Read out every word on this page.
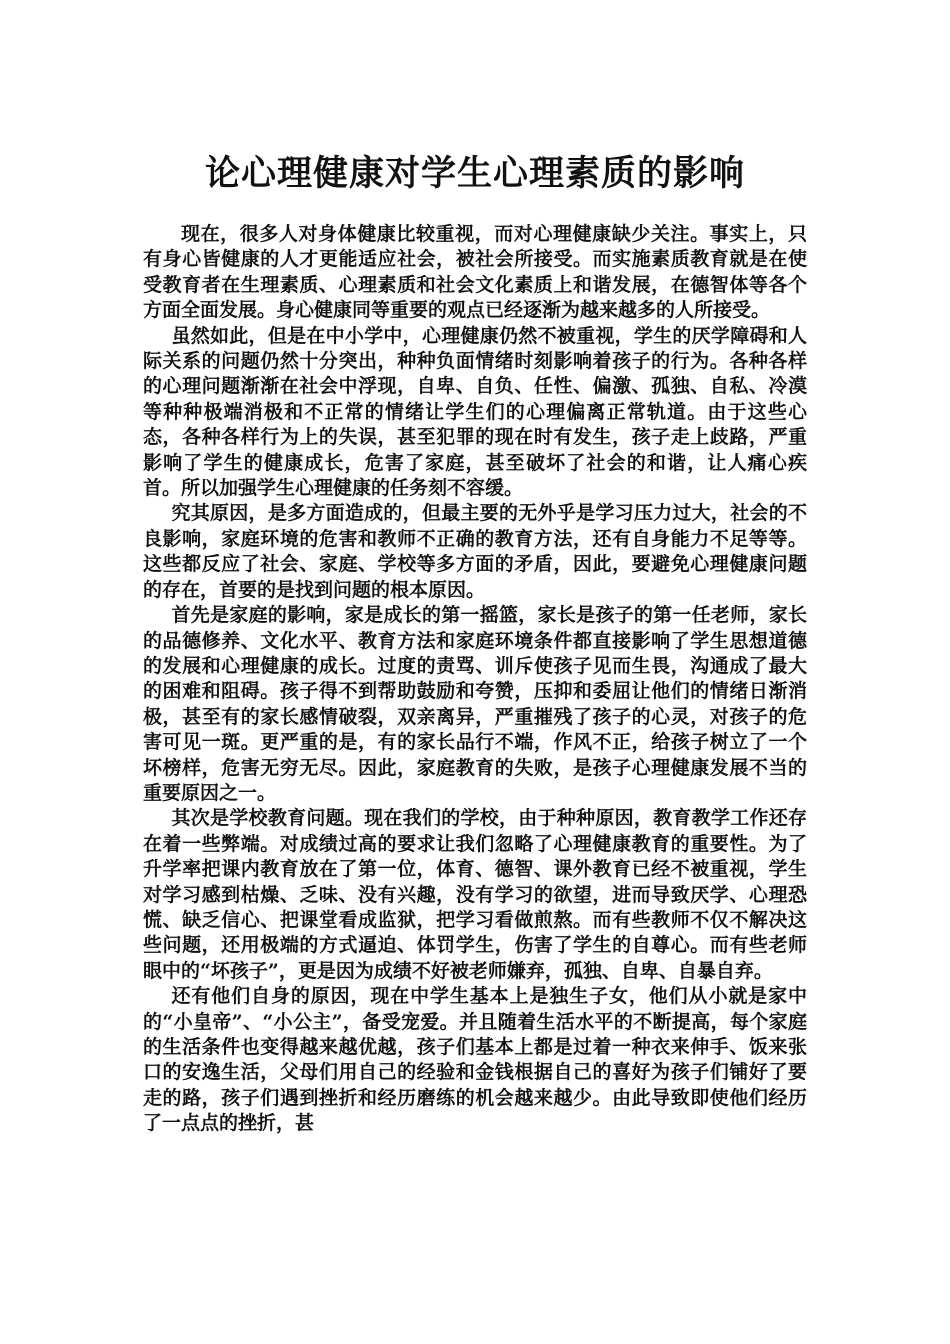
论心理健康对学生心理素质的影响

现在，很多人对身体健康比较重视，而对心理健康缺少关注。事实上，只有身心皆健康的人才更能适应社会，被社会所接受。而实施素质教育就是在使受教育者在生理素质、心理素质和社会文化素质上和谐发展，在德智体等各个方面全面发展。身心健康同等重要的观点已经逐渐为越来越多的人所接受。

虽然如此，但是在中小学中，心理健康仍然不被重视，学生的厌学障碍和人际关系的问题仍然十分突出，种种负面情绪时刻影响着孩子的行为。各种各样的心理问题渐渐在社会中浮现，自卑、自负、任性、偏激、孤独、自私、冷漠等种种极端消极和不正常的情绪让学生们的心理偏离正常轨道。由于这些心态，各种各样行为上的失误，甚至犯罪的现在时有发生，孩子走上歧路，严重影响了学生的健康成长，危害了家庭，甚至破坏了社会的和谐，让人痛心疾首。所以加强学生心理健康的任务刻不容缓。

究其原因，是多方面造成的，但最主要的无外乎是学习压力过大，社会的不良影响，家庭环境的危害和教师不正确的教育方法，还有自身能力不足等等。这些都反应了社会、家庭、学校等多方面的矛盾，因此，要避免心理健康问题的存在，首要的是找到问题的根本原因。

首先是家庭的影响，家是成长的第一摇篮，家长是孩子的第一任老师，家长的品德修养、文化水平、教育方法和家庭环境条件都直接影响了学生思想道德的发展和心理健康的成长。过度的责骂、训斥使孩子见而生畏，沟通成了最大的困难和阻碍。孩子得不到帮助鼓励和夸赞，压抑和委屈让他们的情绪日渐消极，甚至有的家长感情破裂，双亲离异，严重摧残了孩子的心灵，对孩子的危害可见一斑。更严重的是，有的家长品行不端，作风不正，给孩子树立了一个坏榜样，危害无穷无尽。因此，家庭教育的失败，是孩子心理健康发展不当的重要原因之一。

其次是学校教育问题。现在我们的学校，由于种种原因，教育教学工作还存在着一些弊端。对成绩过高的要求让我们忽略了心理健康教育的重要性。为了升学率把课内教育放在了第一位，体育、德智、课外教育已经不被重视，学生对学习感到枯燥、乏味、没有兴趣，没有学习的欲望，进而导致厌学、心理恐慌、缺乏信心、把课堂看成监狱，把学习看做煎熬。而有些教师不仅不解决这些问题，还用极端的方式逼迫、体罚学生，伤害了学生的自尊心。而有些老师眼中的“坏孩子”，更是因为成绩不好被老师嫌弃，孤独、自卑、自暴自弃。

还有他们自身的原因，现在中学生基本上是独生子女，他们从小就是家中的“小皇帝”、“小公主”，备受宠爱。并且随着生活水平的不断提高，每个家庭的生活条件也变得越来越优越，孩子们基本上都是过着一种衣来伸手、饭来张口的安逸生活，父母们用自己的经验和金钱根据自己的喜好为孩子们铺好了要走的路，孩子们遇到挫折和经历磨练的机会越来越少。由此导致即使他们经历了一点点的挫折，甚
